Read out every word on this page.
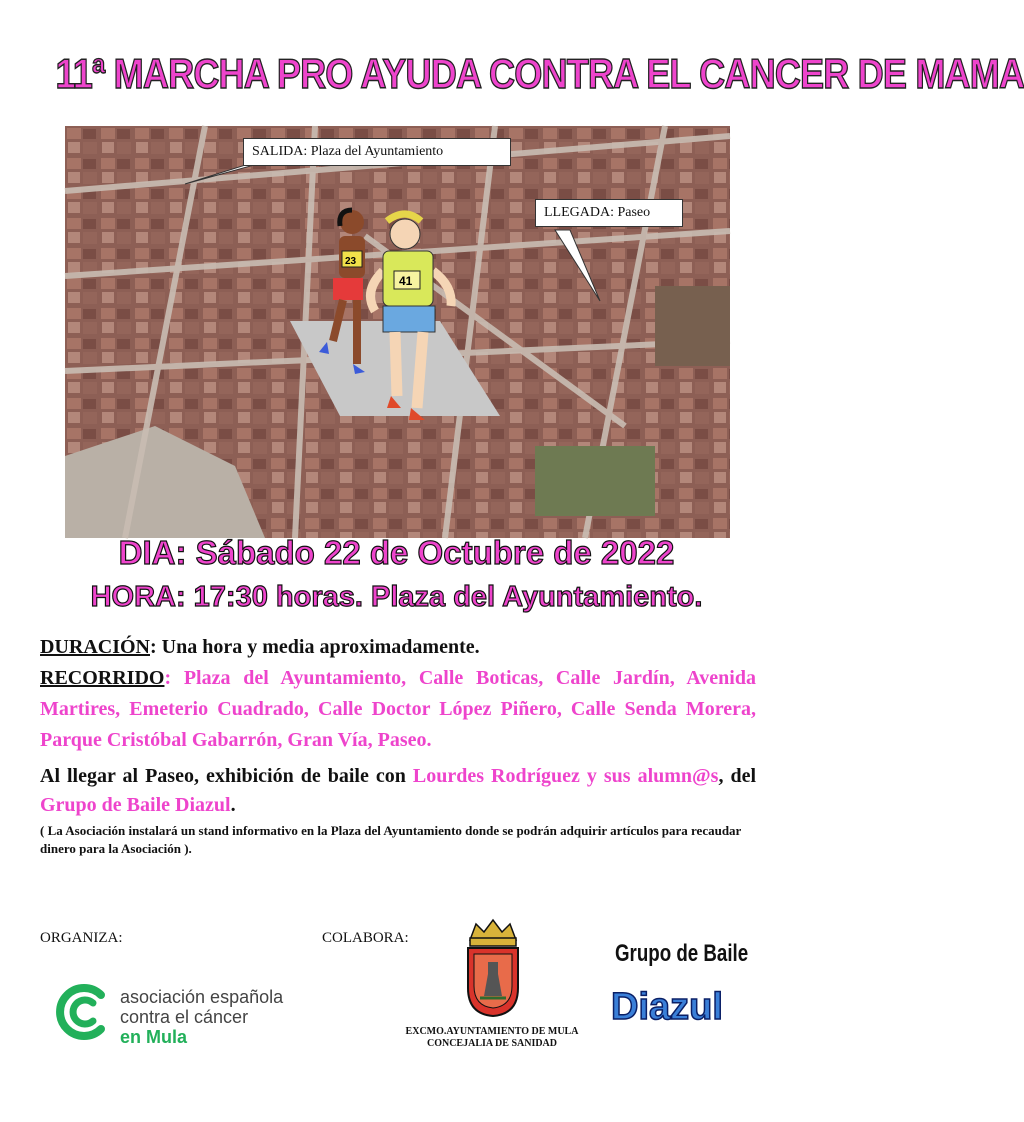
11ª MARCHA PRO AYUDA CONTRA EL CANCER DE MAMA
23
41
SALIDA: Plaza del Ayuntamiento
LLEGADA: Paseo
DIA: Sábado 22 de Octubre de 2022
HORA: 17:30 horas. Plaza del Ayuntamiento.
DURACIÓN: Una hora y media aproximadamente.
RECORRIDO: Plaza del Ayuntamiento, Calle Boticas, Calle Jardín, Avenida Martires, Emeterio Cuadrado, Calle Doctor López Piñero, Calle Senda Morera, Parque Cristóbal Gabarrón, Gran Vía, Paseo.
Al llegar al Paseo, exhibición de baile con Lourdes Rodríguez y sus alumn@s, del Grupo de Baile Diazul.
( La Asociación instalará un stand informativo en la Plaza del Ayuntamiento donde se podrán adquirir artículos para recaudar dinero para la Asociación ).
ORGANIZA:
asociación española
contra el cáncer
en Mula
COLABORA:
EXCMO.AYUNTAMIENTO DE MULA
CONCEJALIA DE SANIDAD
Grupo de Baile
Diazul
